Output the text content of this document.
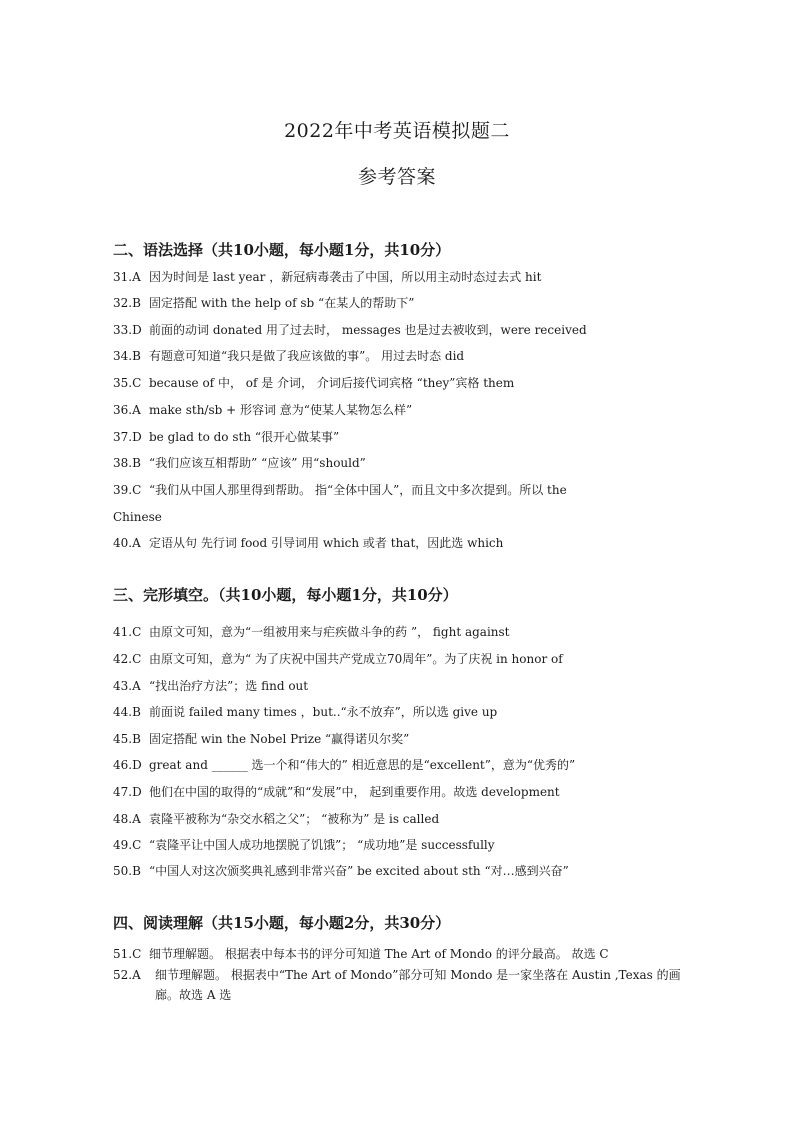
2022年中考英语模拟题二
参考答案
二、语法选择（共10小题，每小题1分，共10分）
31.A 因为时间是 last year ，新冠病毒袭击了中国，所以用主动时态过去式 hit
32.B 固定搭配 with the help of sb “在某人的帮助下”
33.D 前面的动词 donated 用了过去时， messages 也是过去被收到，were received
34.B 有题意可知道“我只是做了我应该做的事”。 用过去时态 did
35.C because of 中， of 是 介词， 介词后接代词宾格 “they”宾格 them
36.A make sth/sb + 形容词 意为“使某人某物怎么样”
37.D be glad to do sth “很开心做某事”
38.B “我们应该互相帮助” “应该” 用“should”
39.C “我们从中国人那里得到帮助。 指“全体中国人”，而且文中多次提到。所以 the
Chinese
40.A 定语从句 先行词 food 引导词用 which 或者 that，因此选 which
三、完形填空。（共10小题，每小题1分，共10分）
41.C 由原文可知，意为“一组被用来与疟疾做斗争的药 ”， fight against
42.C 由原文可知，意为“ 为了庆祝中国共产党成立70周年”。为了庆祝 in honor of
43.A “找出治疗方法”；选 find out
44.B 前面说 failed many times ，but..“永不放弃”，所以选 give up
45.B 固定搭配 win the Nobel Prize “赢得诺贝尔奖”
46.D great and ______ 选一个和“伟大的” 相近意思的是“excellent”，意为“优秀的”
47.D 他们在中国的取得的“成就”和“发展”中， 起到重要作用。故选 development
48.A 袁隆平被称为“杂交水稻之父”； “被称为” 是 is called
49.C “袁隆平让中国人成功地摆脱了饥饿”； “成功地”是 successfully
50.B “中国人对这次颁奖典礼感到非常兴奋” be excited about sth “对…感到兴奋”
四、阅读理解（共15小题，每小题2分，共30分）
51.C 细节理解题。 根据表中每本书的评分可知道 The Art of Mondo 的评分最高。 故选 C
52.A 细节理解题。 根据表中“The Art of Mondo”部分可知 Mondo 是一家坐落在 Austin ,Texas 的画廊。故选 A 选
